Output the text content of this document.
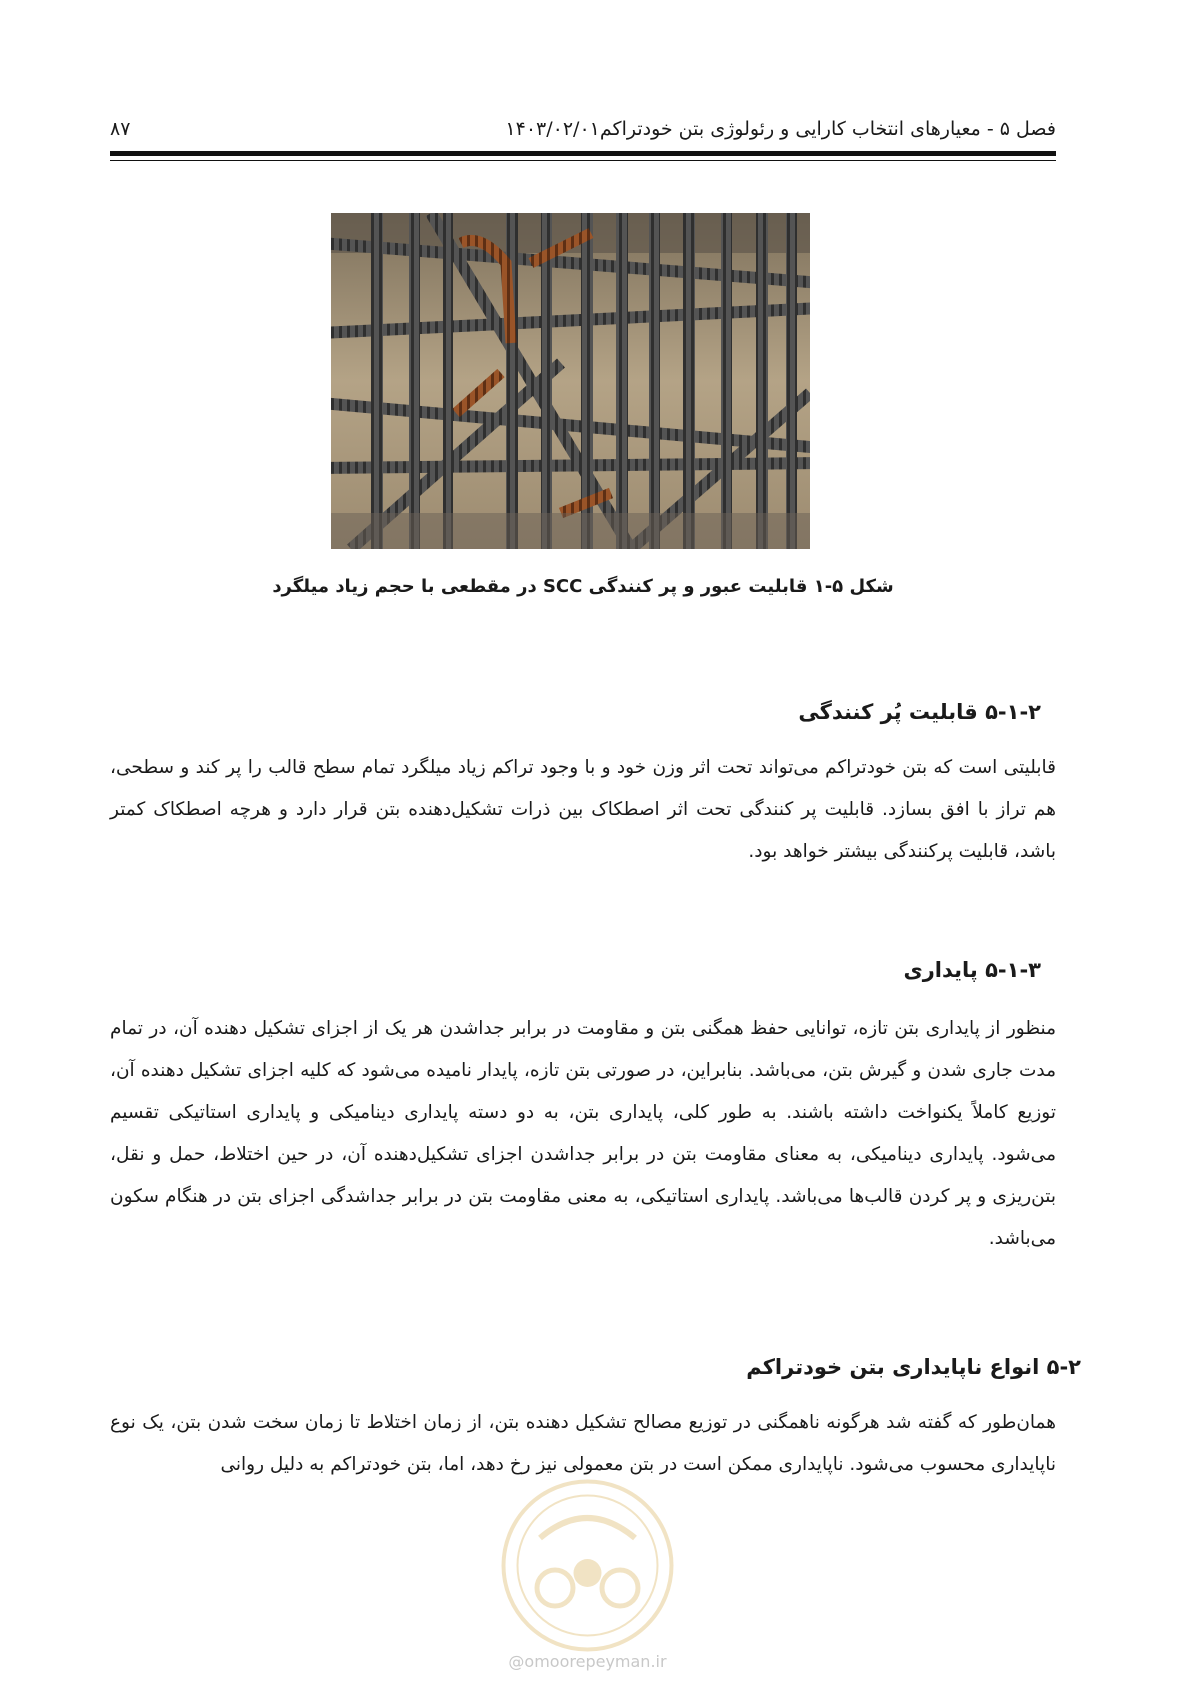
فصل ۵ - معیارهای انتخاب کارایی و رئولوژی بتن خودتراکم۱۴۰۳/۰۲/۰۱
۸۷
شکل ۵-۱ قابلیت عبور و پر کنندگی SCC در مقطعی با حجم زیاد میلگرد
۵-۱-۲ قابلیت پُر کنندگی
قابلیتی است که بتن خودتراکم می‌تواند تحت اثر وزن خود و با وجود تراکم زیاد میلگرد تمام سطح قالب را پر کند و سطحی، هم تراز با افق بسازد. قابلیت پر کنندگی تحت اثر اصطکاک بین ذرات تشکیل‌دهنده بتن قرار دارد و هرچه اصطکاک کمتر باشد، قابلیت پرکنندگی بیشتر خواهد بود.
۵-۱-۳ پایداری
منظور از پایداری بتن تازه، توانایی حفظ همگنی بتن و مقاومت در برابر جداشدن هر یک از اجزای تشکیل دهنده آن، در تمام مدت جاری شدن و گیرش بتن، می‌باشد. بنابراین، در صورتی بتن تازه، پایدار نامیده می‌شود که کلیه اجزای تشکیل دهنده آن، توزیع کاملاً یکنواخت داشته باشند. به طور کلی، پایداری بتن، به دو دسته پایداری دینامیکی و پایداری استاتیکی تقسیم می‌شود. پایداری دینامیکی، به معنای مقاومت بتن در برابر جداشدن اجزای تشکیل‌دهنده آن، در حین اختلاط، حمل و نقل، بتن‌ریزی و پر کردن قالب‌ها می‌باشد. پایداری استاتیکی، به معنی مقاومت بتن در برابر جداشدگی اجزای بتن در هنگام سکون می‌باشد.
۵-۲ انواع ناپایداری بتن خودتراکم
همان‌طور که گفته شد هرگونه ناهمگنی در توزیع مصالح تشکیل دهنده بتن، از زمان اختلاط تا زمان سخت شدن بتن، یک نوع ناپایداری محسوب می‌شود. ناپایداری ممکن است در بتن معمولی نیز رخ دهد، اما، بتن خودتراکم به دلیل روانی
@omoorepeyman.ir
